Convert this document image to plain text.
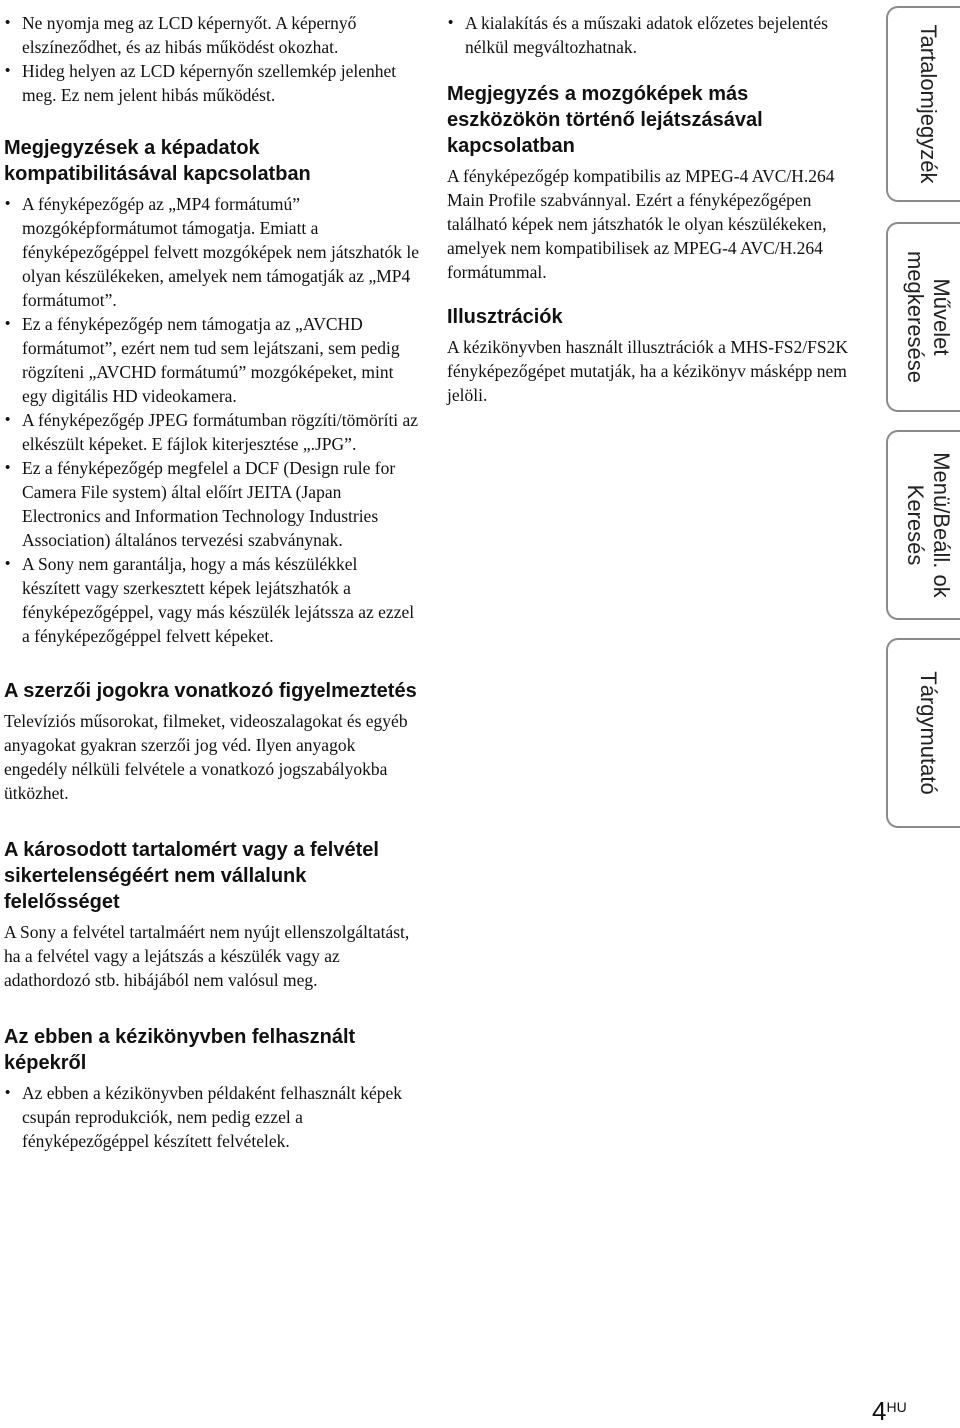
• Ne nyomja meg az LCD képernyőt. A képernyő elszíneződhet, és az hibás működést okozhat.
• Hideg helyen az LCD képernyőn szellemkép jelenhet meg. Ez nem jelent hibás működést.
Megjegyzések a képadatok kompatibilitásával kapcsolatban
• A fényképezőgép az „MP4 formátumú” mozgóképformátumot támogatja. Emiatt a fényképezőgéppel felvett mozgóképek nem játszhatók le olyan készülékeken, amelyek nem támogatják az „MP4 formátumot”.
• Ez a fényképezőgép nem támogatja az „AVCHD formátumot”, ezért nem tud sem lejátszani, sem pedig rögzíteni „AVCHD formátumú” mozgóképeket, mint egy digitális HD videokamera.
• A fényképezőgép JPEG formátumban rögzíti/tömöríti az elkészült képeket. E fájlok kiterjesztése „.JPG”.
• Ez a fényképezőgép megfelel a DCF (Design rule for Camera File system) által előírt JEITA (Japan Electronics and Information Technology Industries Association) általános tervezési szabványnak.
• A Sony nem garantálja, hogy a más készülékkel készített vagy szerkesztett képek lejátszhatók a fényképezőgéppel, vagy más készülék lejátssza az ezzel a fényképezőgéppel felvett képeket.
A szerzői jogokra vonatkozó figyelmeztetés

Televíziós műsorokat, filmeket, videoszalagokat és egyéb anyagokat gyakran szerzői jog véd. Ilyen anyagok engedély nélküli felvétele a vonatkozó jogszabályokba ütközhet.

A károsodott tartalomért vagy a felvétel sikertelenségéért nem vállalunk felelősséget

A Sony a felvétel tartalmáért nem nyújt ellenszolgáltatást, ha a felvétel vagy a lejátszás a készülék vagy az adathordozó stb. hibájából nem valósul meg.

Az ebben a kézikönyvben felhasznált képekről
• Az ebben a kézikönyvben példaként felhasznált képek csupán reprodukciók, nem pedig ezzel a fényképezőgéppel készített felvételek.
• A kialakítás és a műszaki adatok előzetes bejelentés nélkül megváltozhatnak.
Megjegyzés a mozgóképek más eszközökön történő lejátszásával kapcsolatban

A fényképezőgép kompatibilis az MPEG-4 AVC/H.264 Main Profile szabvánnyal. Ezért a fényképezőgépen található képek nem játszhatók le olyan készülékeken, amelyek nem kompatibilisek az MPEG-4 AVC/H.264 formátummal.

Illusztrációk

A kézikönyvben használt illusztrációk a MHS-FS2/FS2K fényképezőgépet mutatják, ha a kézikönyv másképp nem jelöli.

Tartalomjegyzék
Művelet
megkeresése
Menü/Beáll. ok
Keresés
Tárgymutató
$4^{HU}$
